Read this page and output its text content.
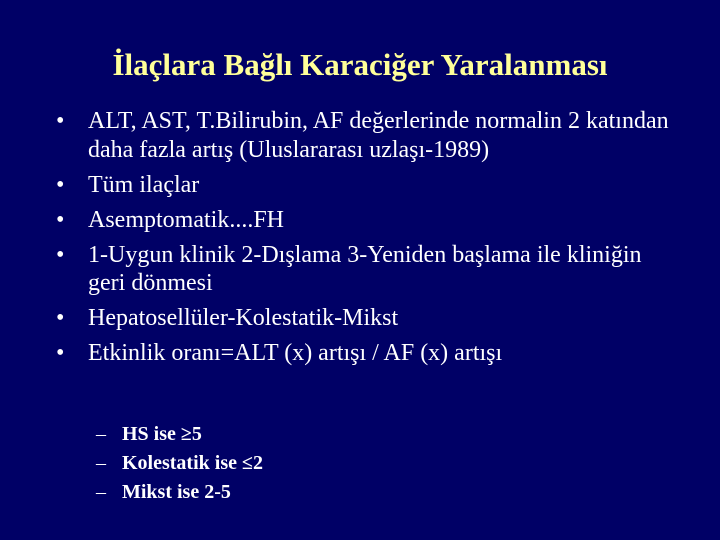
İlaçlara Bağlı Karaciğer Yaralanması
• ALT, AST, T.Bilirubin, AF değerlerinde normalin 2 katından daha fazla artış (Uluslararası uzlaşı-1989)
• Tüm ilaçlar
• Asemptomatik....FH
• 1-Uygun klinik 2-Dışlama 3-Yeniden başlama ile kliniğin geri dönmesi
• Hepatosellüler-Kolestatik-Mikst
• Etkinlik oranı=ALT (x) artışı / AF (x) artışı
– HS ise ≥5
– Kolestatik ise ≤2
– Mikst ise 2-5
